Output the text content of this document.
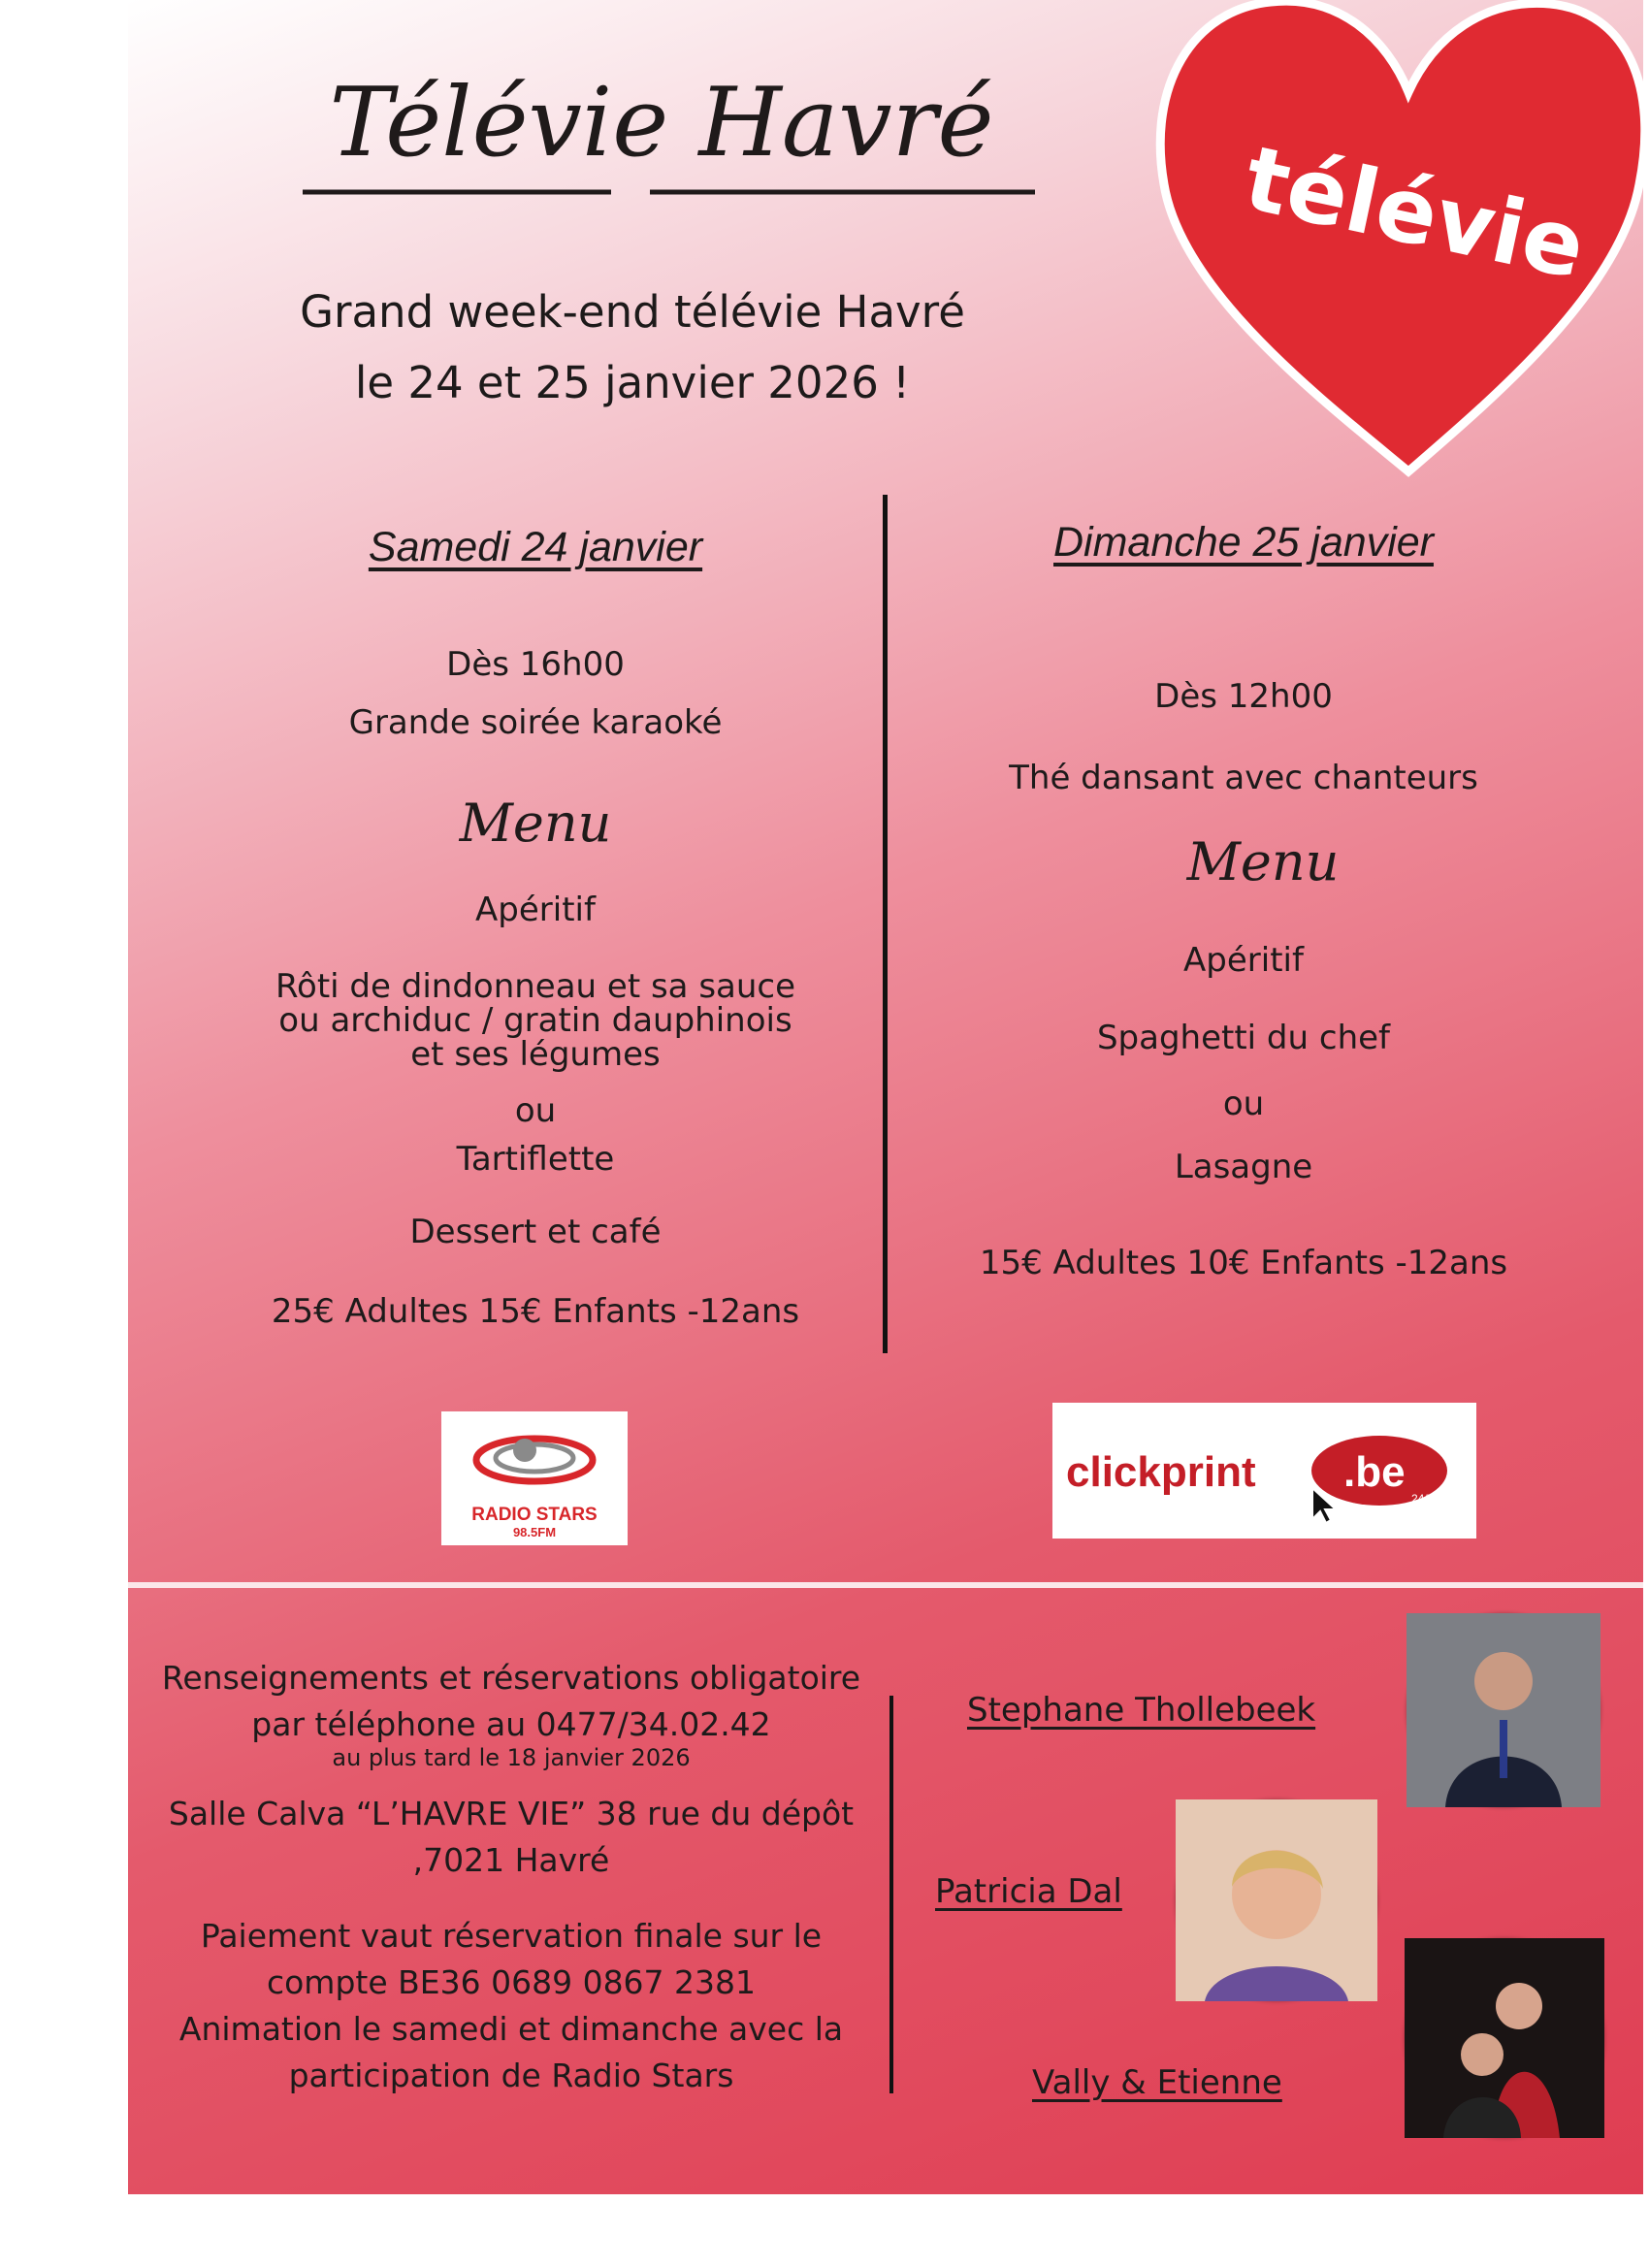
Télévie Havré
télévie
Grand week-end télévie Havré
le 24 et 25 janvier 2026 !
Samedi 24 janvier
Dès 16h00
Grande soirée karaoké
Menu
Apéritif
Rôti de dindonneau et sa sauce
ou archiduc / gratin dauphinois
et ses légumes
ou
Tartiflette
Dessert et café
25€ Adultes 15€ Enfants -12ans
Dimanche 25 janvier
Dès 12h00
Thé dansant avec chanteurs
Menu
Apéritif
Spaghetti du chef
ou
Lasagne
15€ Adultes 10€ Enfants -12ans
RADIO STARS
98.5FM
clickprint .be
24/7
Renseignements et réservations obligatoire
par téléphone au 0477/34.02.42
au plus tard le 18 janvier 2026
Salle Calva “L’HAVRE VIE” 38 rue du dépôt
,7021 Havré
Paiement vaut réservation finale sur le
compte BE36 0689 0867 2381
Animation le samedi et dimanche avec la
participation de Radio Stars
Stephane Thollebeek
Patricia Dal
Vally & Etienne
